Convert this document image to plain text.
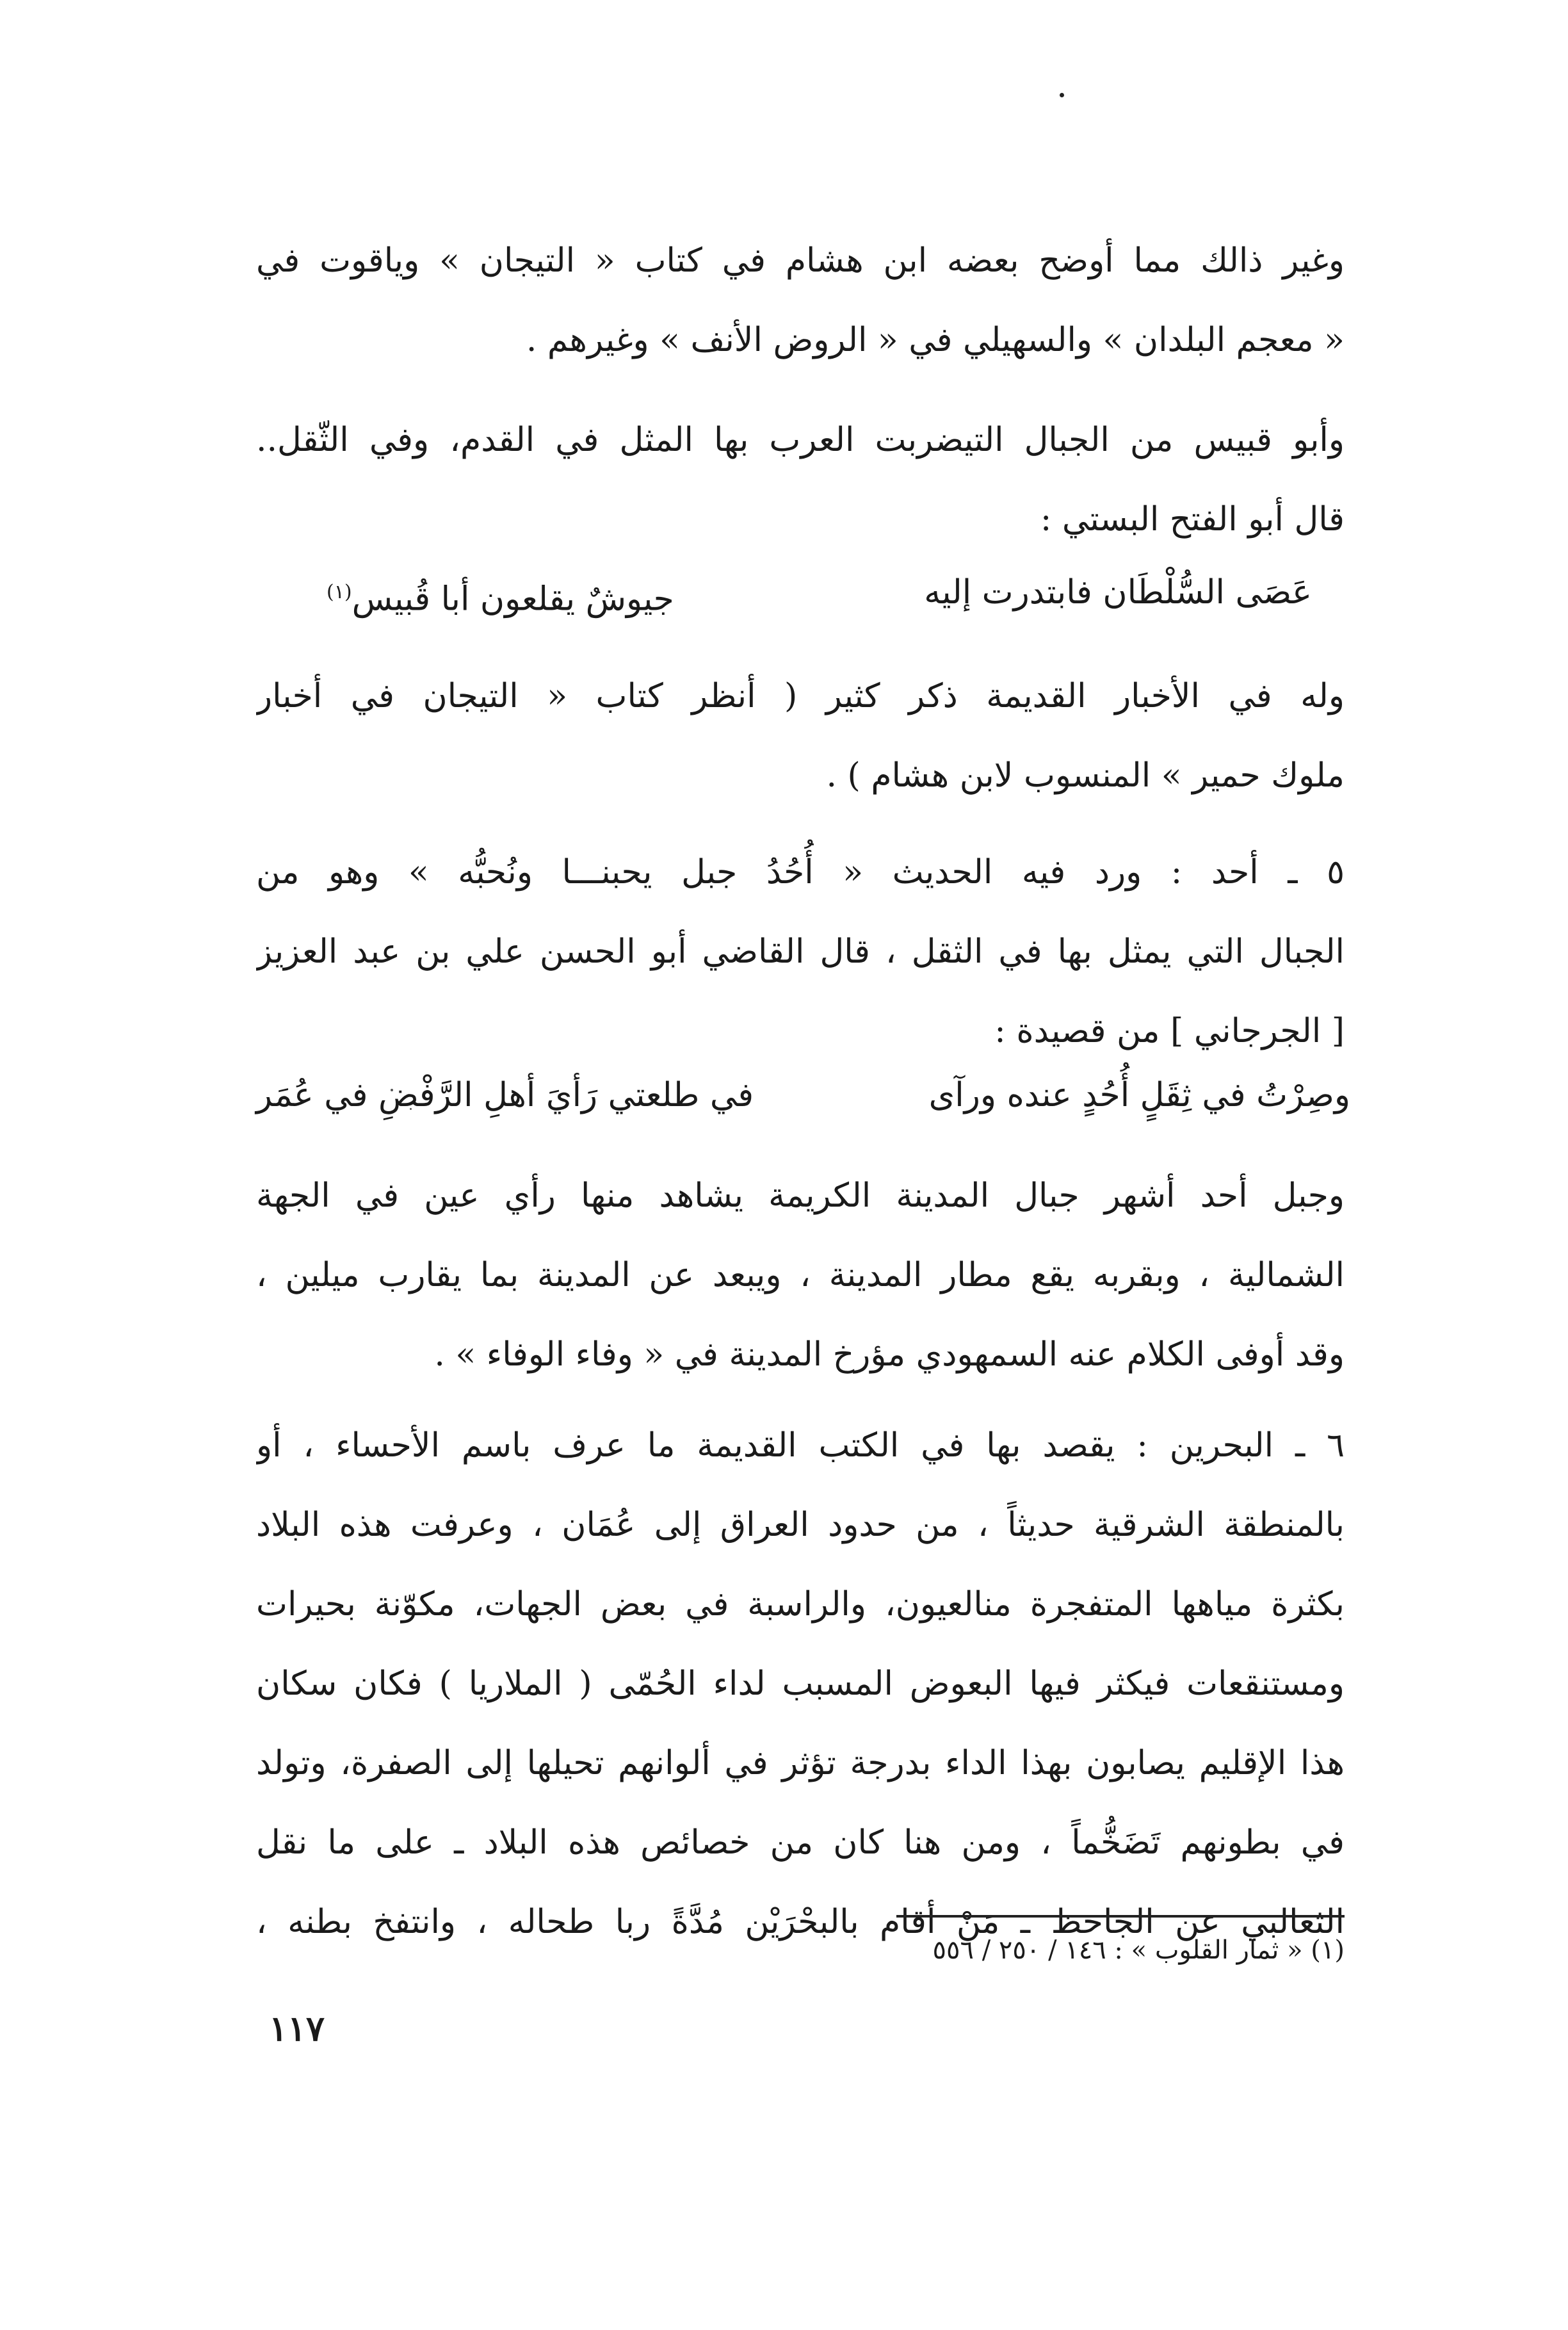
وغير ذالك مما أوضح بعضه ابن هشام في كتاب « التيجان » وياقوت في
« معجم البلدان » والسهيلي في « الروض الأنف » وغيرهم .
وأبو قبيس من الجبال التيضربت العرب بها المثل في القدم، وفي الثّقل..
قال أبو الفتح البستي :
عَصَى السُّلْطَان فابتدرت إليه
جيوشٌ يقلعون أبا قُبيس$^{(١)}$
وله في الأخبار القديمة ذكر كثير ( أنظر كتاب « التيجان في أخبار
ملوك حمير » المنسوب لابن هشام ) .
٥ ـ أحد : ورد فيه الحديث « أُحُدُ جبل يحبنـــا ونُحبُّه » وهو من
الجبال التي يمثل بها في الثقل ، قال القاضي أبو الحسن علي بن عبد العزيز
[ الجرجاني ] من قصيدة :
وصِرْتُ في ثِقَلٍ أُحُدٍ عنده ورآى
في طلعتي رَأيَ أهلِ الرَّفْضِ في عُمَر
وجبل أحد أشهر جبال المدينة الكريمة يشاهد منها رأي عين في الجهة
الشمالية ، وبقربه يقع مطار المدينة ، ويبعد عن المدينة بما يقارب ميلين ،
وقد أوفى الكلام عنه السمهودي مؤرخ المدينة في « وفاء الوفاء » .
٦ ـ البحرين : يقصد بها في الكتب القديمة ما عرف باسم الأحساء ، أو
بالمنطقة الشرقية حديثاً ، من حدود العراق إلى عُمَان ، وعرفت هذه البلاد
بكثرة مياهها المتفجرة منالعيون، والراسبة في بعض الجهات، مكوّنة بحيرات
ومستنقعات فيكثر فيها البعوض المسبب لداء الحُمّى ( الملاريا ) فكان سكان
هذا الإقليم يصابون بهذا الداء بدرجة تؤثر في ألوانهم تحيلها إلى الصفرة، وتولد
في بطونهم تَضَخُّماً ، ومن هنا كان من خصائص هذه البلاد ـ على ما نقل
الثعالبي عن الجاحظ ـ مَنْ أقام بالبحْرَيْن مُدَّةً ربا طحاله ، وانتفخ بطنه ،
(١) « ثمار القلوب » : ١٤٦ / ٢٥٠ / ٥٥٦
١١٧
